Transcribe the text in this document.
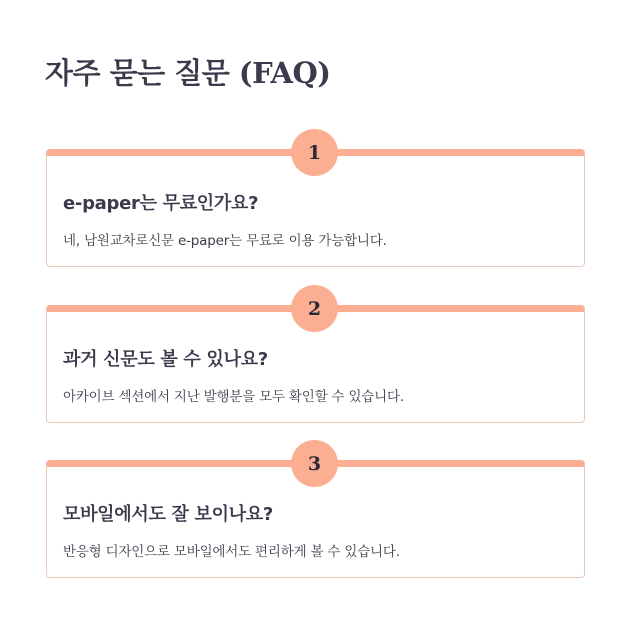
자주 묻는 질문 (FAQ)
1
e-paper는 무료인가요?

네, 남원교차로신문 e-paper는 무료로 이용 가능합니다.

2
과거 신문도 볼 수 있나요?

아카이브 섹션에서 지난 발행분을 모두 확인할 수 있습니다.

3
모바일에서도 잘 보이나요?

반응형 디자인으로 모바일에서도 편리하게 볼 수 있습니다.
